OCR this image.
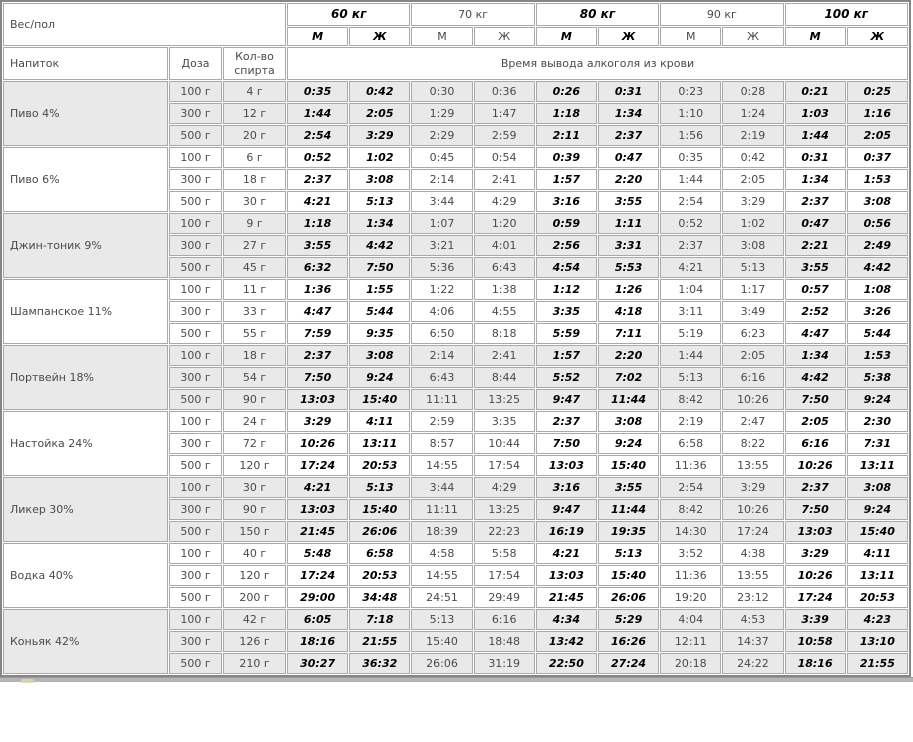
Вес/пол			60 кг		70 кг		80 кг		90 кг		100 кг	
			М	Ж	М	Ж	М	Ж	М	Ж	М	Ж
Напиток	Доза	Кол-во спирта	Время вывода алкоголя из крови									
Пиво 4%	100 г	4 г	0:35	0:42	0:30	0:36	0:26	0:31	0:23	0:28	0:21	0:25
	300 г	12 г	1:44	2:05	1:29	1:47	1:18	1:34	1:10	1:24	1:03	1:16
	500 г	20 г	2:54	3:29	2:29	2:59	2:11	2:37	1:56	2:19	1:44	2:05
Пиво 6%	100 г	6 г	0:52	1:02	0:45	0:54	0:39	0:47	0:35	0:42	0:31	0:37
	300 г	18 г	2:37	3:08	2:14	2:41	1:57	2:20	1:44	2:05	1:34	1:53
	500 г	30 г	4:21	5:13	3:44	4:29	3:16	3:55	2:54	3:29	2:37	3:08
Джин-тоник 9%	100 г	9 г	1:18	1:34	1:07	1:20	0:59	1:11	0:52	1:02	0:47	0:56
	300 г	27 г	3:55	4:42	3:21	4:01	2:56	3:31	2:37	3:08	2:21	2:49
	500 г	45 г	6:32	7:50	5:36	6:43	4:54	5:53	4:21	5:13	3:55	4:42
Шампанское 11%	100 г	11 г	1:36	1:55	1:22	1:38	1:12	1:26	1:04	1:17	0:57	1:08
	300 г	33 г	4:47	5:44	4:06	4:55	3:35	4:18	3:11	3:49	2:52	3:26
	500 г	55 г	7:59	9:35	6:50	8:18	5:59	7:11	5:19	6:23	4:47	5:44
Портвейн 18%	100 г	18 г	2:37	3:08	2:14	2:41	1:57	2:20	1:44	2:05	1:34	1:53
	300 г	54 г	7:50	9:24	6:43	8:44	5:52	7:02	5:13	6:16	4:42	5:38
	500 г	90 г	13:03	15:40	11:11	13:25	9:47	11:44	8:42	10:26	7:50	9:24
Настойка 24%	100 г	24 г	3:29	4:11	2:59	3:35	2:37	3:08	2:19	2:47	2:05	2:30
	300 г	72 г	10:26	13:11	8:57	10:44	7:50	9:24	6:58	8:22	6:16	7:31
	500 г	120 г	17:24	20:53	14:55	17:54	13:03	15:40	11:36	13:55	10:26	13:11
Ликер 30%	100 г	30 г	4:21	5:13	3:44	4:29	3:16	3:55	2:54	3:29	2:37	3:08
	300 г	90 г	13:03	15:40	11:11	13:25	9:47	11:44	8:42	10:26	7:50	9:24
	500 г	150 г	21:45	26:06	18:39	22:23	16:19	19:35	14:30	17:24	13:03	15:40
Водка 40%	100 г	40 г	5:48	6:58	4:58	5:58	4:21	5:13	3:52	4:38	3:29	4:11
	300 г	120 г	17:24	20:53	14:55	17:54	13:03	15:40	11:36	13:55	10:26	13:11
	500 г	200 г	29:00	34:48	24:51	29:49	21:45	26:06	19:20	23:12	17:24	20:53
Коньяк 42%	100 г	42 г	6:05	7:18	5:13	6:16	4:34	5:29	4:04	4:53	3:39	4:23
	300 г	126 г	18:16	21:55	15:40	18:48	13:42	16:26	12:11	14:37	10:58	13:10
	500 г	210 г	30:27	36:32	26:06	31:19	22:50	27:24	20:18	24:22	18:16	21:55
